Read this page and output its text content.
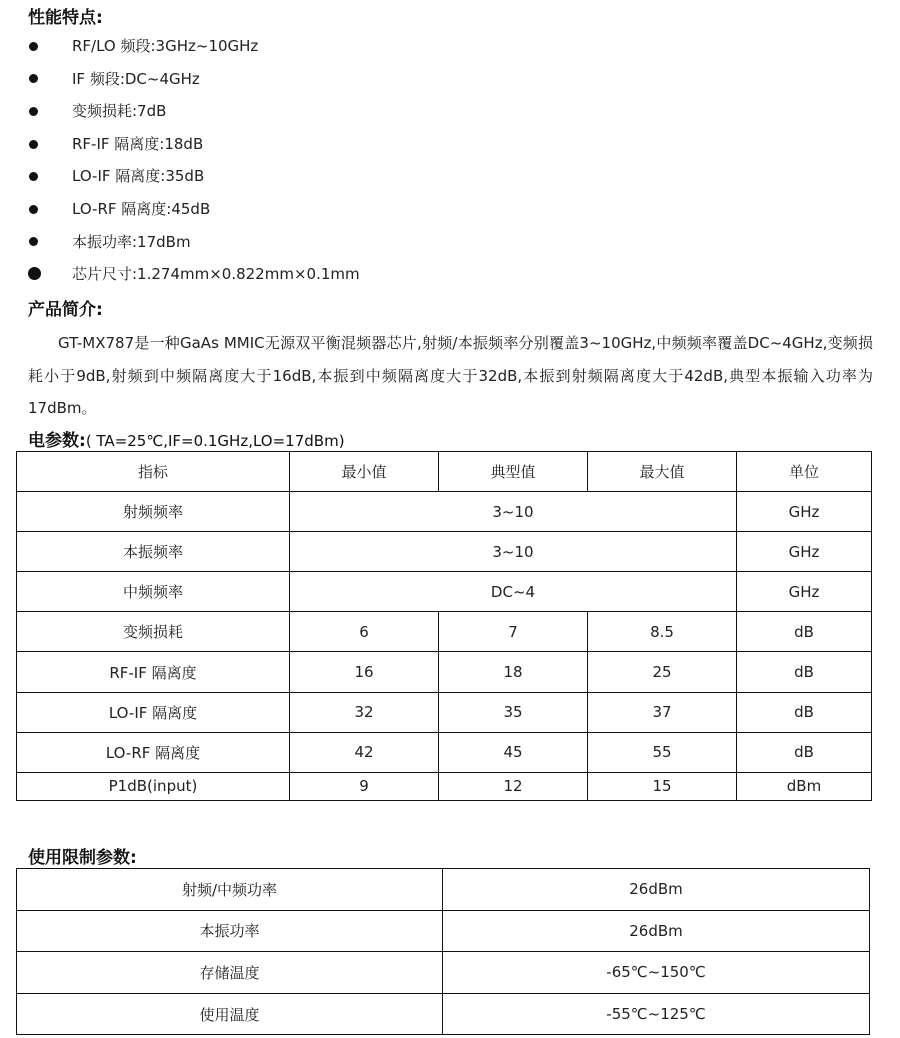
性能特点:
RF/LO 频段:3GHz~10GHz
IF 频段:DC~4GHz
变频损耗:7dB
RF-IF 隔离度:18dB
LO-IF 隔离度:35dB
LO-RF 隔离度:45dB
本振功率:17dBm
芯片尺寸:1.274mm×0.822mm×0.1mm
产品简介:

GT-MX787是一种GaAs MMIC无源双平衡混频器芯片,射频/本振频率分别覆盖3~10GHz,中频频率覆盖DC~4GHz,变频损耗小于9dB,射频到中频隔离度大于16dB,本振到中频隔离度大于32dB,本振到射频隔离度大于42dB,典型本振输入功率为17dBm。

电参数:( TA=25℃,IF=0.1GHz,LO=17dBm)
指标	最小值	典型值	最大值	单位
射频频率	3~10			GHz
本振频率	3~10			GHz
中频频率	DC~4			GHz
变频损耗	6	7	8.5	dB
RF-IF 隔离度	16	18	25	dB
LO-IF 隔离度	32	35	37	dB
LO-RF 隔离度	42	45	55	dB
P1dB(input)	9	12	15	dBm
使用限制参数:
射频/中频功率	26dBm
本振功率	26dBm
存储温度	-65℃~150℃
使用温度	-55℃~125℃
